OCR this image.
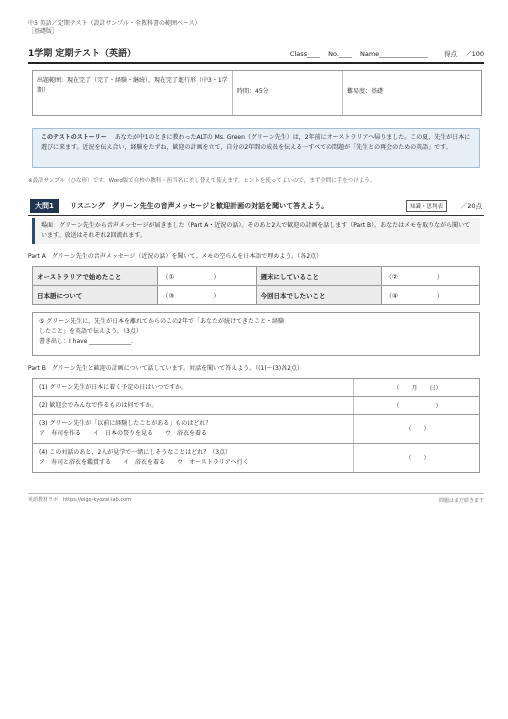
中3 英語／定期テスト（設計サンプル・全教科書の範囲ベース）
［基礎版］
1学期 定期テスト（英語）	Class____ No.____ Name_______________ 得点 ／100
出題範囲：現在完了（完了・経験・継続），現在完了進行形（中3・1学期）	時間：45分	難易度：基礎
このテストのストーリー あなたが中1のときに教わったALTの Ms. Green（グリーン先生）は，2年前にオーストラリアへ帰りました。この夏，先生が日本に遊びに来ます。近況を伝え合い，経験をたずね，歓迎の計画を立て，自分の2年間の成長を伝える一すべての問題が「先生との再会のための英語」です。
※設計サンプル（ひな形）です。Word版で自校の教科・担当名に差し替えて使えます。ヒントを使ってよいので，まず全問に手をつけよう。
大問1	リスニング　グリーン先生の音声メッセージと歓迎計画の対話を聞いて答えよう。	知識・思判表	／20点
場面　グリーン先生から音声メッセージが届きました（Part A・近況の話）。そのあと2人で歓迎の計画を話します（Part B）。あなたはメモを取りながら聞いています。放送はそれぞれ2回流れます。
Part A　グリーン先生の音声メッセージ（近況の話）を聞いて，メモの空らんを日本語で埋めよう。（各2点）
オーストラリアで始めたこと	（①　　　　　　）	週末にしていること	（②　　　　　　）
日本語について	（③　　　　　　）	今回日本でしたいこと	（④　　　　　　）
⑤ グリーン先生に，先生が日本を離れてからのこの2年で「あなたが続けてきたこと・経験
したこと」を英語で伝えよう。（3点）
書き出し：I have ______________.
Part B　グリーン先生と歓迎の計画について話しています。対話を聞いて答えよう。（(1)～(3)各2点）
(1) グリーン先生が日本に着く予定の日はいつですか。	（　　月　　日）
(2) 歓迎会でみんなで作るものは何ですか。	（　　　　　　）
(3) グリーン先生が「以前に経験したことがある」ものはどれ？
ア　寿司を作る　　イ　日本の祭りを見る　　ウ　浴衣を着る
（　　）
(4) この対話のあと，2人が見学で一緒にしそうなことはどれ？（3点）
ア　寿司と浴衣を鑑賞する　　イ　浴衣を着る　　ウ　オーストラリアへ行く
（　　）
英語教材ラボ　https://eigo-kyozai-lab.com	問題はまだ続きます
